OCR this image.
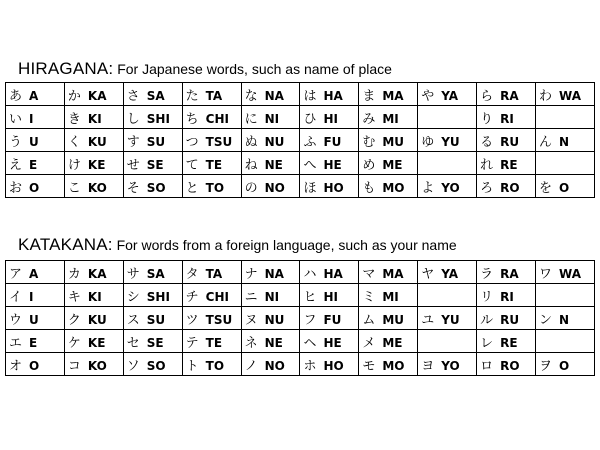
HIRAGANA: For Japanese words, such as name of place
あ A	か KA	さ SA	た TA	な NA	は HA	ま MA	や YA	ら RA	わ WA
い I	き KI	し SHI	ち CHI	に NI	ひ HI	み MI		り RI	
う U	く KU	す SU	つ TSU	ぬ NU	ふ FU	む MU	ゆ YU	る RU	ん N
え E	け KE	せ SE	て TE	ね NE	へ HE	め ME		れ RE	
お O	こ KO	そ SO	と TO	の NO	ほ HO	も MO	よ YO	ろ RO	を O
KATAKANA: For words from a foreign language, such as your name
ア A	カ KA	サ SA	タ TA	ナ NA	ハ HA	マ MA	ヤ YA	ラ RA	ワ WA
イ I	キ KI	シ SHI	チ CHI	ニ NI	ヒ HI	ミ MI		リ RI	
ウ U	ク KU	ス SU	ツ TSU	ヌ NU	フ FU	ム MU	ユ YU	ル RU	ン N
エ E	ケ KE	セ SE	テ TE	ネ NE	ヘ HE	メ ME		レ RE	
オ O	コ KO	ソ SO	ト TO	ノ NO	ホ HO	モ MO	ヨ YO	ロ RO	ヲ O
